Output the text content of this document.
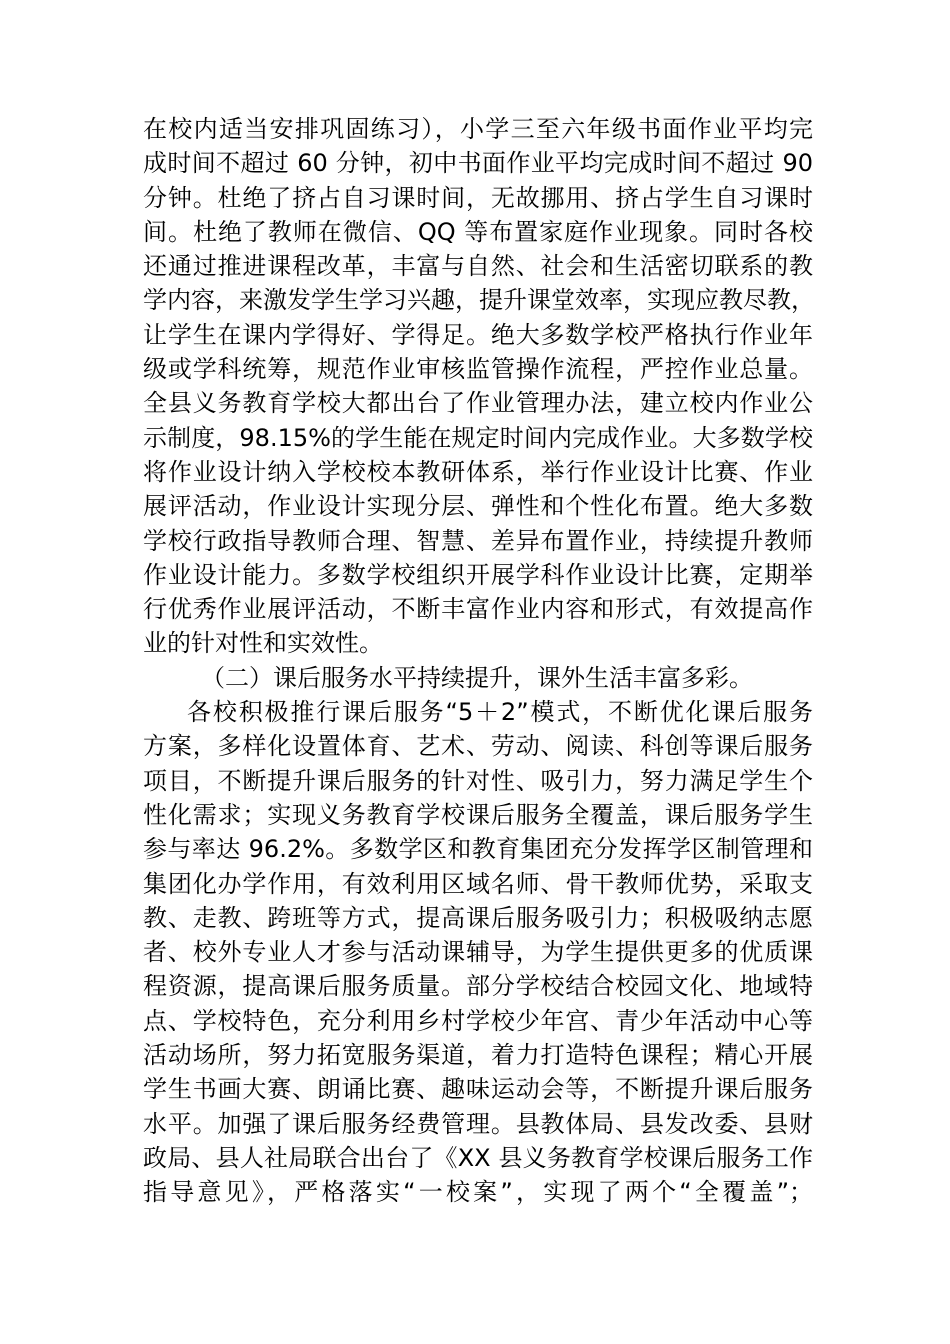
在校内适当安排巩固练习），小学三至六年级书面作业平均完
成时间不超过 60 分钟，初中书面作业平均完成时间不超过 90
分钟。杜绝了挤占自习课时间，无故挪用、挤占学生自习课时
间。杜绝了教师在微信、QQ 等布置家庭作业现象。同时各校
还通过推进课程改革，丰富与自然、社会和生活密切联系的教
学内容，来激发学生学习兴趣，提升课堂效率，实现应教尽教，
让学生在课内学得好、学得足。绝大多数学校严格执行作业年
级或学科统筹，规范作业审核监管操作流程，严控作业总量。
全县义务教育学校大都出台了作业管理办法，建立校内作业公
示制度，98.15%的学生能在规定时间内完成作业。大多数学校
将作业设计纳入学校校本教研体系，举行作业设计比赛、作业
展评活动，作业设计实现分层、弹性和个性化布置。绝大多数
学校行政指导教师合理、智慧、差异布置作业，持续提升教师
作业设计能力。多数学校组织开展学科作业设计比赛，定期举
行优秀作业展评活动，不断丰富作业内容和形式，有效提高作
业的针对性和实效性。
（二）课后服务水平持续提升，课外生活丰富多彩。
各校积极推行课后服务“5＋2”模式，不断优化课后服务
方案，多样化设置体育、艺术、劳动、阅读、科创等课后服务
项目，不断提升课后服务的针对性、吸引力，努力满足学生个
性化需求；实现义务教育学校课后服务全覆盖，课后服务学生
参与率达 96.2%。多数学区和教育集团充分发挥学区制管理和
集团化办学作用，有效利用区域名师、骨干教师优势，采取支
教、走教、跨班等方式，提高课后服务吸引力；积极吸纳志愿
者、校外专业人才参与活动课辅导，为学生提供更多的优质课
程资源，提高课后服务质量。部分学校结合校园文化、地域特
点、学校特色，充分利用乡村学校少年宫、青少年活动中心等
活动场所，努力拓宽服务渠道，着力打造特色课程；精心开展
学生书画大赛、朗诵比赛、趣味运动会等，不断提升课后服务
水平。加强了课后服务经费管理。县教体局、县发改委、县财
政局、县人社局联合出台了《XX 县义务教育学校课后服务工作
指导意见》，严格落实“一校案”，实现了两个“全覆盖”；
